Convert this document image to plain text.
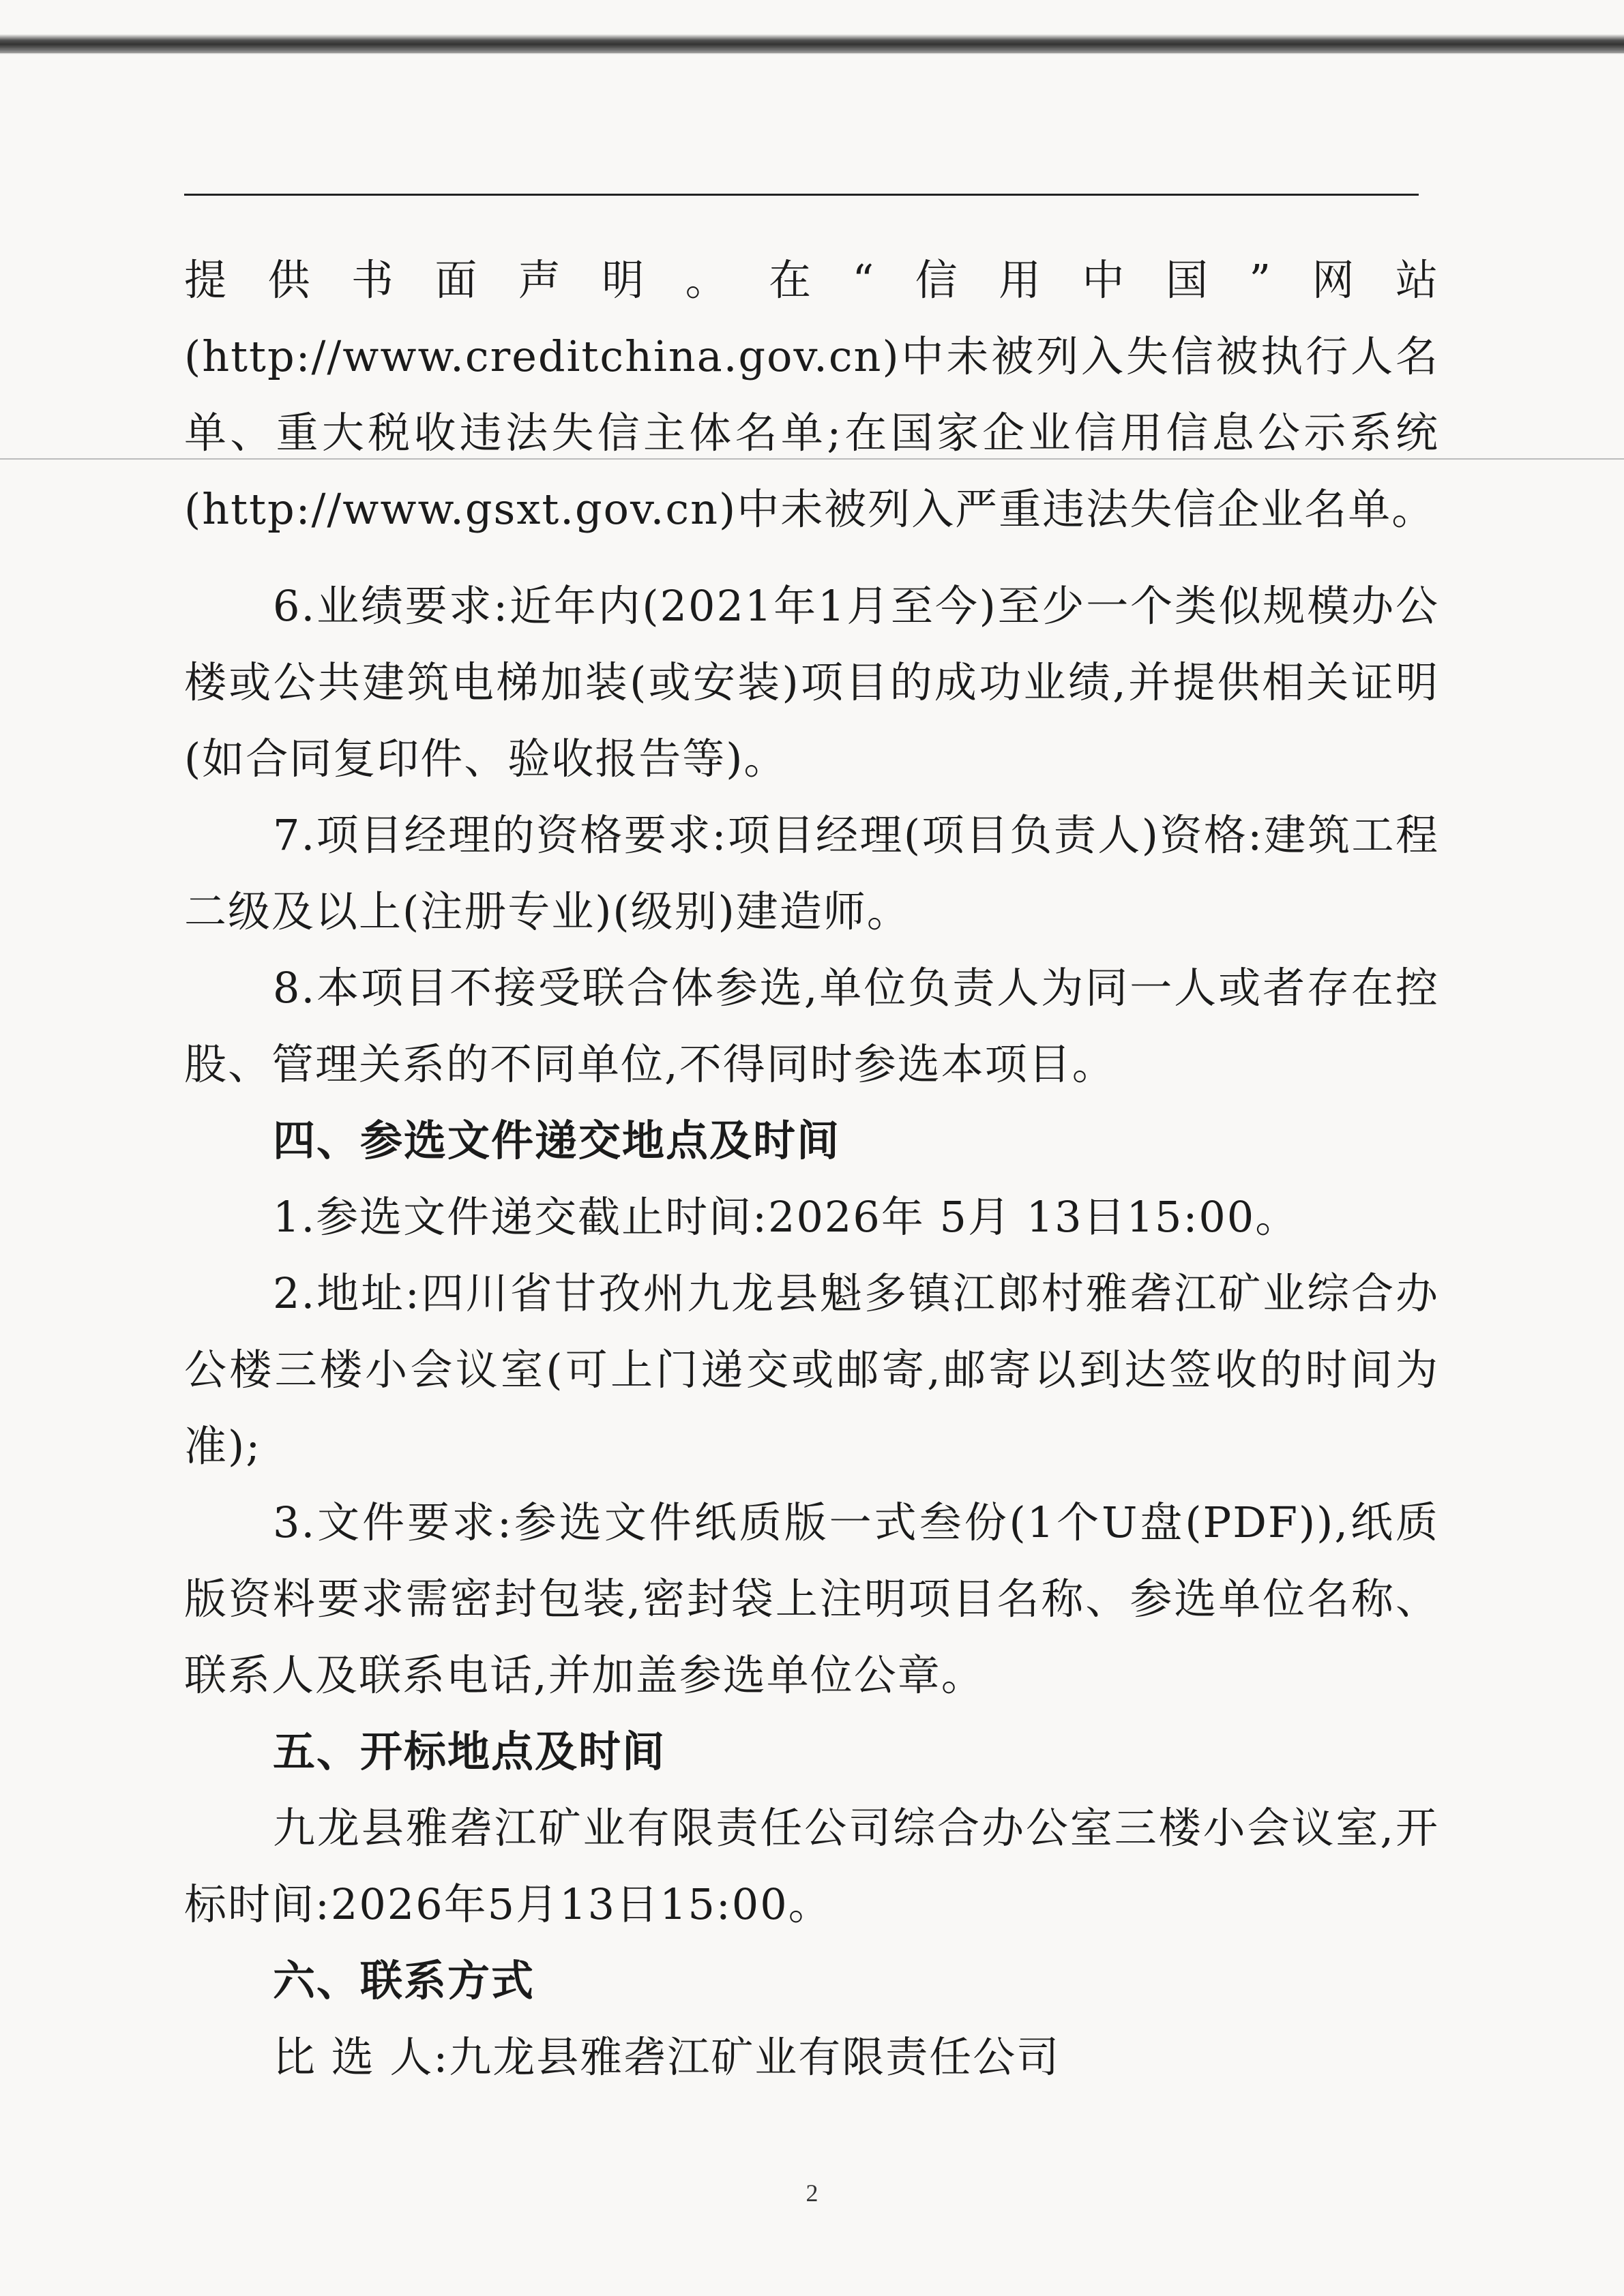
提供书面声明。在“信用中国”网站(http://www.creditchina.gov.cn)中未被列入失信被执行人名单、重大税收违法失信主体名单;在国家企业信用信息公示系统(http://www.gsxt.gov.cn)中未被列入严重违法失信企业名单。

6.业绩要求:近年内(2021年1月至今)至少一个类似规模办公楼或公共建筑电梯加装(或安装)项目的成功业绩,并提供相关证明(如合同复印件、验收报告等)。

7.项目经理的资格要求:项目经理(项目负责人)资格:建筑工程二级及以上(注册专业)(级别)建造师。

8.本项目不接受联合体参选,单位负责人为同一人或者存在控股、管理关系的不同单位,不得同时参选本项目。

四、参选文件递交地点及时间

1.参选文件递交截止时间:2026年 5月 13日15:00。

2.地址:四川省甘孜州九龙县魁多镇江郎村雅砻江矿业综合办公楼三楼小会议室(可上门递交或邮寄,邮寄以到达签收的时间为准);

3.文件要求:参选文件纸质版一式叁份(1个U盘(PDF)),纸质版资料要求需密封包装,密封袋上注明项目名称、参选单位名称、联系人及联系电话,并加盖参选单位公章。

五、开标地点及时间

九龙县雅砻江矿业有限责任公司综合办公室三楼小会议室,开标时间:2026年5月13日15:00。

六、联系方式

比 选 人:九龙县雅砻江矿业有限责任公司

2
